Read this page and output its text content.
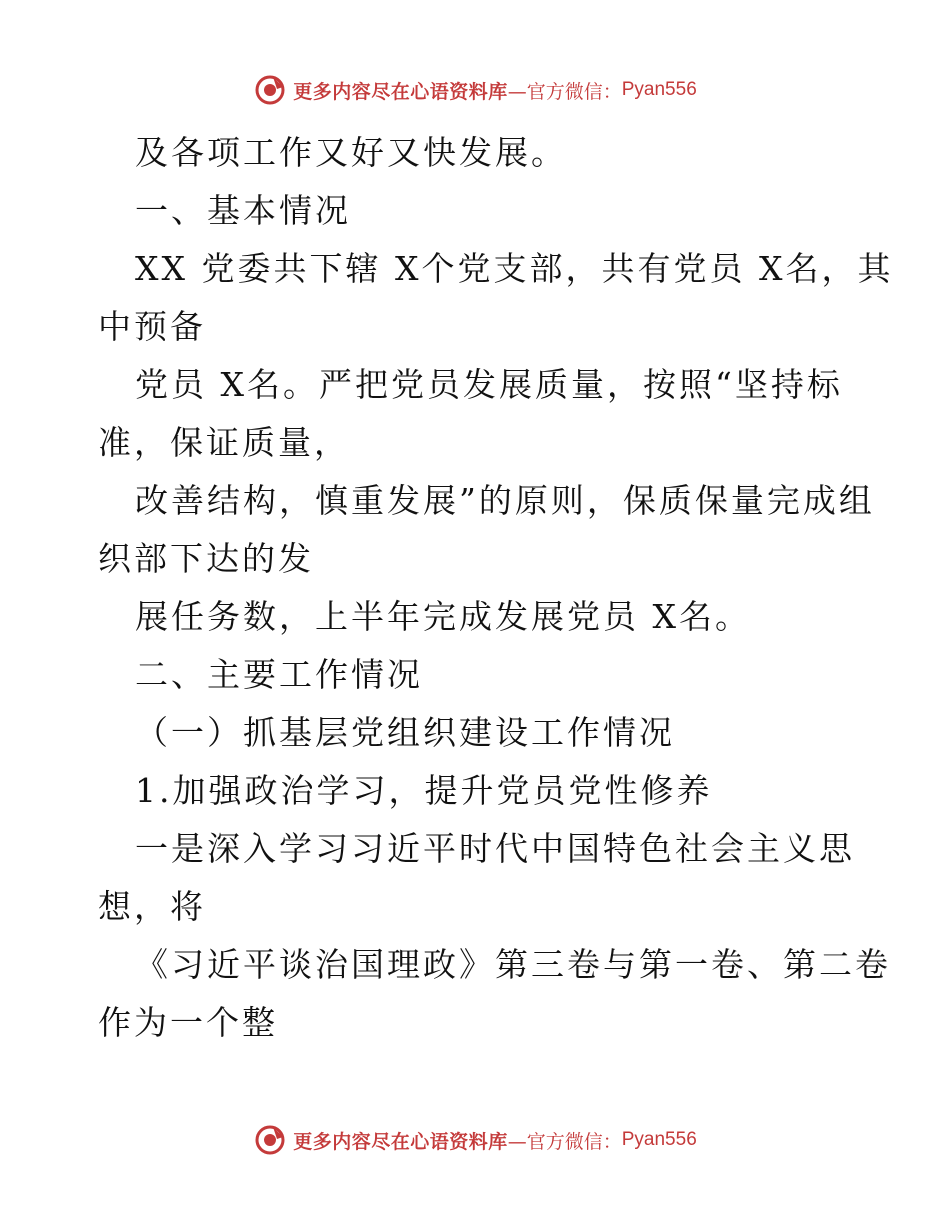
更多内容尽在心语资料库 —官方微信： Pyan556
及各项工作又好又快发展。
一、基本情况
XX 党委共下辖 X个党支部，共有党员 X名，其
中预备
党员 X名。严把党员发展质量，按照“坚持标
准，保证质量，
改善结构，慎重发展”的原则，保质保量完成组
织部下达的发
展任务数，上半年完成发展党员 X名。
二、主要工作情况
（一）抓基层党组织建设工作情况
1.加强政治学习，提升党员党性修养
一是深入学习习近平时代中国特色社会主义思
想，将
《习近平谈治国理政》第三卷与第一卷、第二卷
作为一个整
更多内容尽在心语资料库 —官方微信： Pyan556
